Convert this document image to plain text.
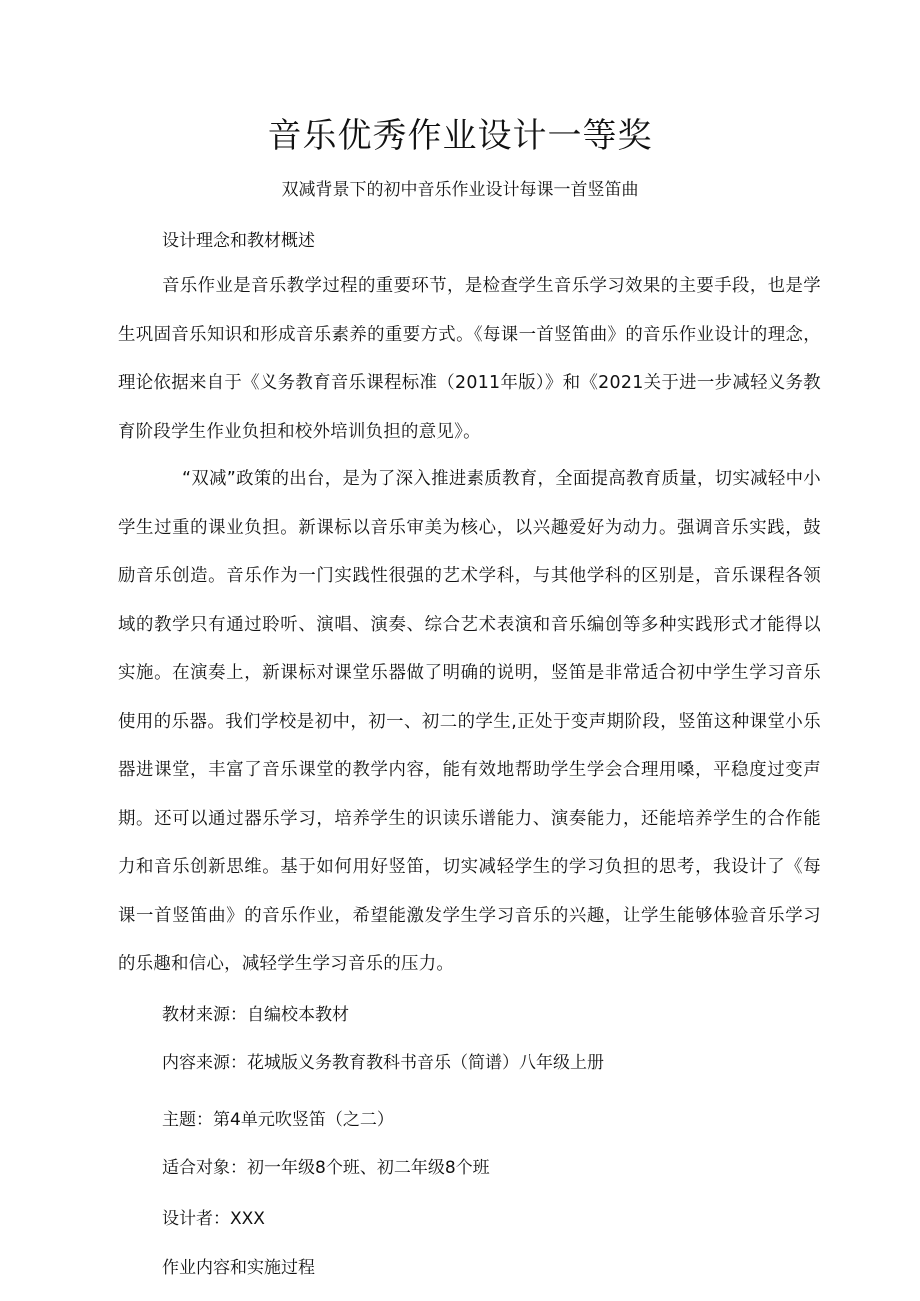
音乐优秀作业设计一等奖
双减背景下的初中音乐作业设计每课一首竖笛曲
设计理念和教材概述
音乐作业是音乐教学过程的重要环节，是检查学生音乐学习效果的主要手段，也是学生巩固音乐知识和形成音乐素养的重要方式。《每课一首竖笛曲》的音乐作业设计的理念，理论依据来自于《义务教育音乐课程标准（2011年版）》和《2021关于进一步减轻义务教育阶段学生作业负担和校外培训负担的意见》。
“双减”政策的出台，是为了深入推进素质教育，全面提高教育质量，切实减轻中小学生过重的课业负担。新课标以音乐审美为核心，以兴趣爱好为动力。强调音乐实践，鼓励音乐创造。音乐作为一门实践性很强的艺术学科，与其他学科的区别是，音乐课程各领域的教学只有通过聆听、演唱、演奏、综合艺术表演和音乐编创等多种实践形式才能得以实施。在演奏上，新课标对课堂乐器做了明确的说明，竖笛是非常适合初中学生学习音乐使用的乐器。我们学校是初中，初一、初二的学生,正处于变声期阶段，竖笛这种课堂小乐器进课堂，丰富了音乐课堂的教学内容，能有效地帮助学生学会合理用嗓，平稳度过变声期。还可以通过器乐学习，培养学生的识读乐谱能力、演奏能力，还能培养学生的合作能力和音乐创新思维。基于如何用好竖笛，切实减轻学生的学习负担的思考，我设计了《每课一首竖笛曲》的音乐作业，希望能激发学生学习音乐的兴趣，让学生能够体验音乐学习的乐趣和信心，减轻学生学习音乐的压力。
教材来源：自编校本教材
内容来源：花城版义务教育教科书音乐（简谱）八年级上册
主题：第4单元吹竖笛（之二）
适合对象：初一年级8个班、初二年级8个班
设计者：XXX
作业内容和实施过程
